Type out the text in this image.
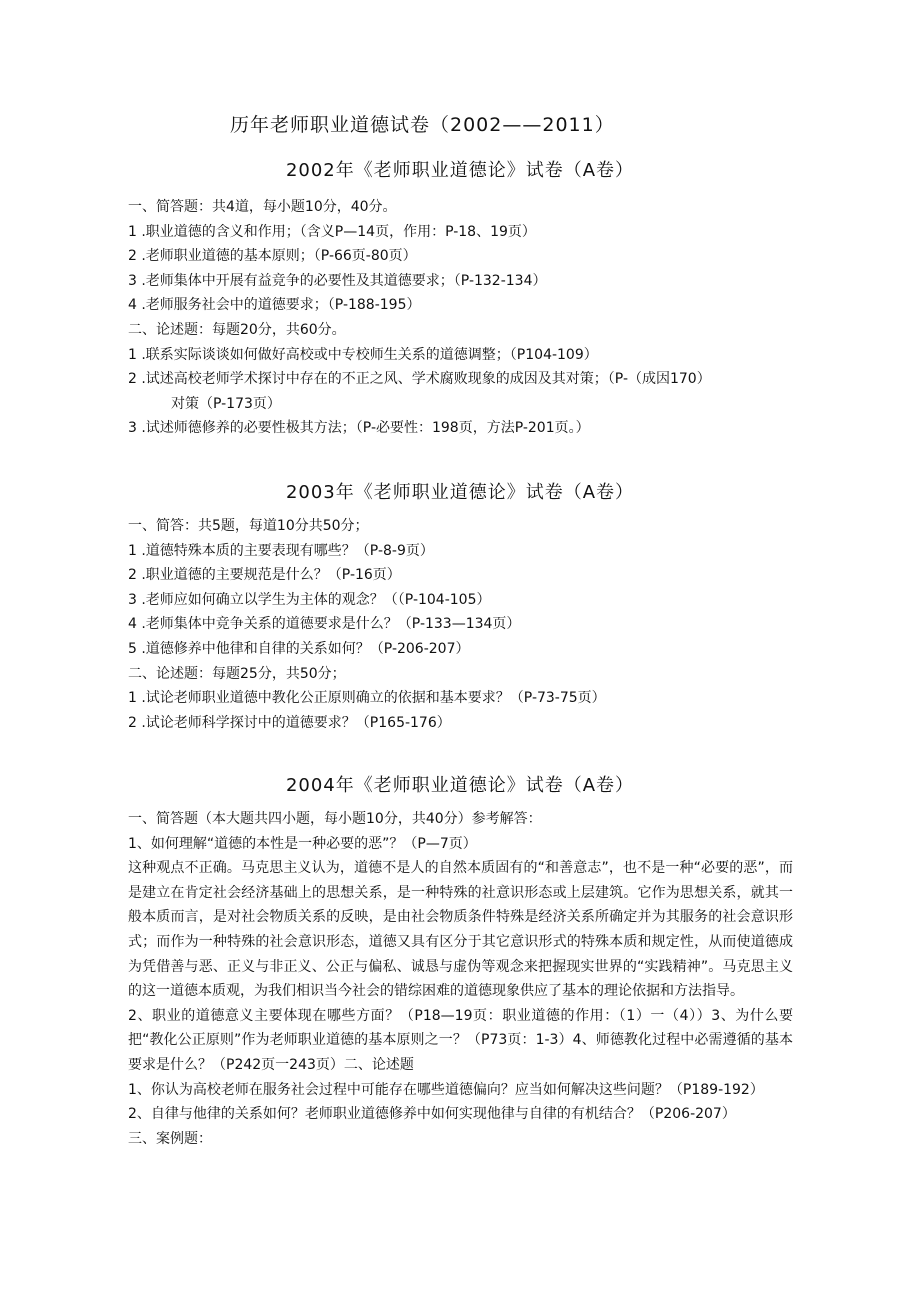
历年老师职业道德试卷（2002——2011）
2002年《老师职业道德论》试卷（A卷）
一、简答题：共4道，每小题10分，40分。
1 .职业道德的含义和作用；（含义P—14页，作用：P-18、19页）
2 .老师职业道德的基本原则；（P-66页-80页）
3 .老师集体中开展有益竞争的必要性及其道德要求；（P-132-134）
4 .老师服务社会中的道德要求；（P-188-195）
二、论述题：每题20分，共60分。
1 .联系实际谈谈如何做好高校或中专校师生关系的道德调整；（P104-109）
2 .试述高校老师学术探讨中存在的不正之风、学术腐败现象的成因及其对策；（P-（成因170）
对策（P-173页）
3 .试述师德修养的必要性极其方法；（P-必要性：198页，方法P-201页。）
2003年《老师职业道德论》试卷（A卷）
一、简答：共5题，每道10分共50分；
1 .道德特殊本质的主要表现有哪些？（P-8-9页）
2 .职业道德的主要规范是什么？（P-16页）
3 .老师应如何确立以学生为主体的观念？（（P-104-105）
4 .老师集体中竞争关系的道德要求是什么？（P-133—134页）
5 .道德修养中他律和自律的关系如何？（P-206-207）
二、论述题：每题25分，共50分；
1 .试论老师职业道德中教化公正原则确立的依据和基本要求？（P-73-75页）
2 .试论老师科学探讨中的道德要求？（P165-176）
2004年《老师职业道德论》试卷（A卷）
一、简答题（本大题共四小题，每小题10分，共40分）参考解答：
1、如何理解“道德的本性是一种必要的恶”？（P—7页）
这种观点不正确。马克思主义认为，道德不是人的自然本质固有的“和善意志”，也不是一种“必要的恶”，而是建立在肯定社会经济基础上的思想关系，是一种特殊的社意识形态或上层建筑。它作为思想关系，就其一般本质而言，是对社会物质关系的反映，是由社会物质条件特殊是经济关系所确定并为其服务的社会意识形式；而作为一种特殊的社会意识形态，道德又具有区分于其它意识形式的特殊本质和规定性，从而使道德成为凭借善与恶、正义与非正义、公正与偏私、诚恳与虚伪等观念来把握现实世界的“实践精神”。马克思主义的这一道德本质观，为我们相识当今社会的错综困难的道德现象供应了基本的理论依据和方法指导。
2、职业的道德意义主要体现在哪些方面？（P18—19页：职业道德的作用：（1）一（4））3、为什么要把“教化公正原则”作为老师职业道德的基本原则之一？（P73页：1-3）4、师德教化过程中必需遵循的基本要求是什么？（P242页一243页）二、论述题
1、你认为高校老师在服务社会过程中可能存在哪些道德偏向？应当如何解决这些问题？（P189-192）
2、自律与他律的关系如何？老师职业道德修养中如何实现他律与自律的有机结合？（P206-207）
三、案例题：
